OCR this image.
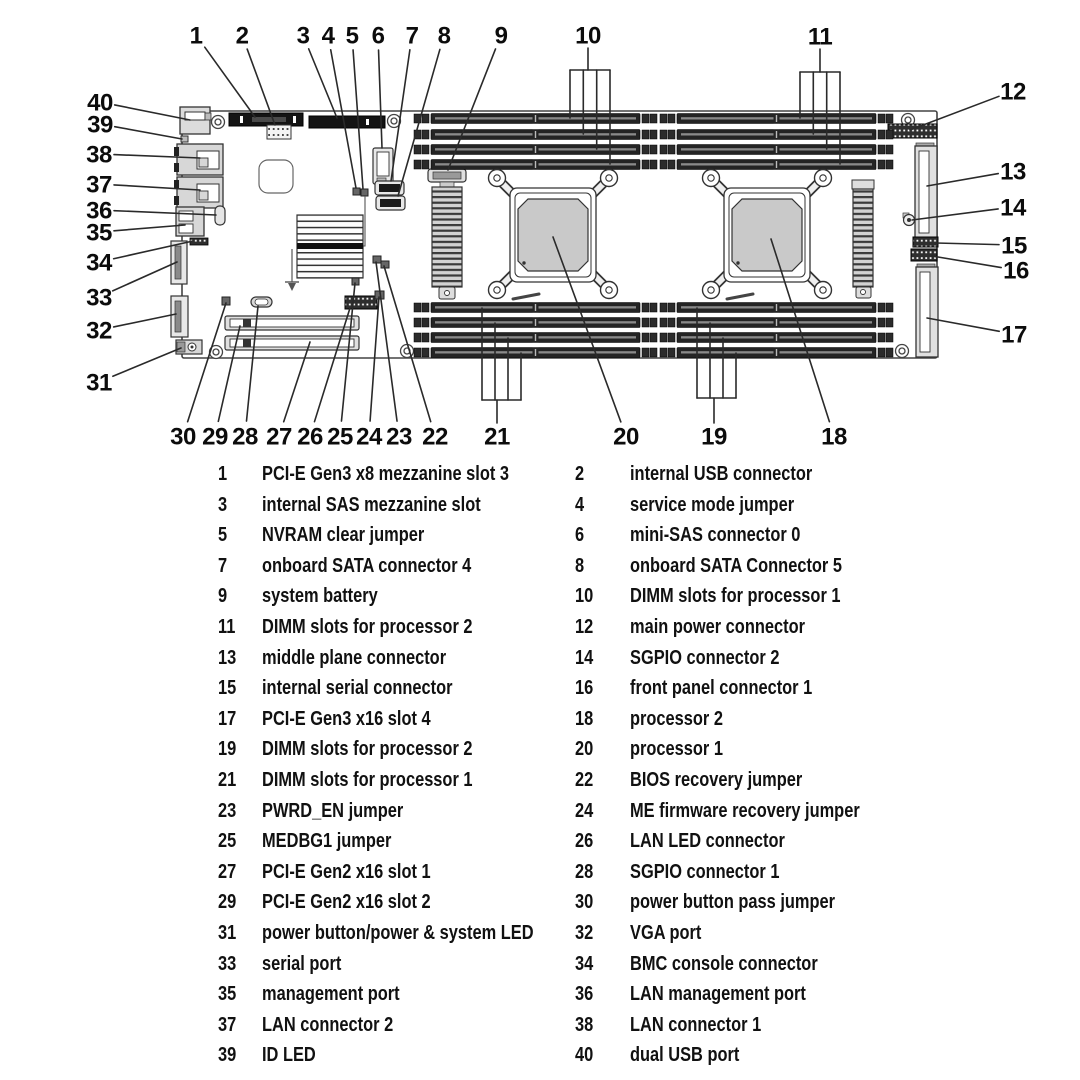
1 2 3 4 5 6 7 8 9	10	11
12
13
14
15
16
17
18
19
20
21
22
23
24
25
26
27
28
29
30
31
32
33
34
35
36
37
38
39
40
1 PCI-E Gen3 x8 mezzanine slot 3	2 internal USB connector
3 internal SAS mezzanine slot	4 service mode jumper
5 NVRAM clear jumper	6 mini-SAS connector 0
7 onboard SATA connector 4	8 onboard SATA Connector 5
9 system battery	10 DIMM slots for processor 1
11 DIMM slots for processor 2	12 main power connector
13 middle plane connector	14 SGPIO connector 2
15 internal serial connector	16 front panel connector 1
17 PCI-E Gen3 x16 slot 4	18 processor 2
19 DIMM slots for processor 2	20 processor 1
21 DIMM slots for processor 1	22 BIOS recovery jumper
23 PWRD_EN jumper	24 ME firmware recovery jumper
25 MEDBG1 jumper	26 LAN LED connector
27 PCI-E Gen2 x16 slot 1	28 SGPIO connector 1
29 PCI-E Gen2 x16 slot 2	30 power button pass jumper
31 power button/power & system LED	32 VGA port
33 serial port	34 BMC console connector
35 management port	36 LAN management port
37 LAN connector 2	38 LAN connector 1
39 ID LED	40 dual USB port
